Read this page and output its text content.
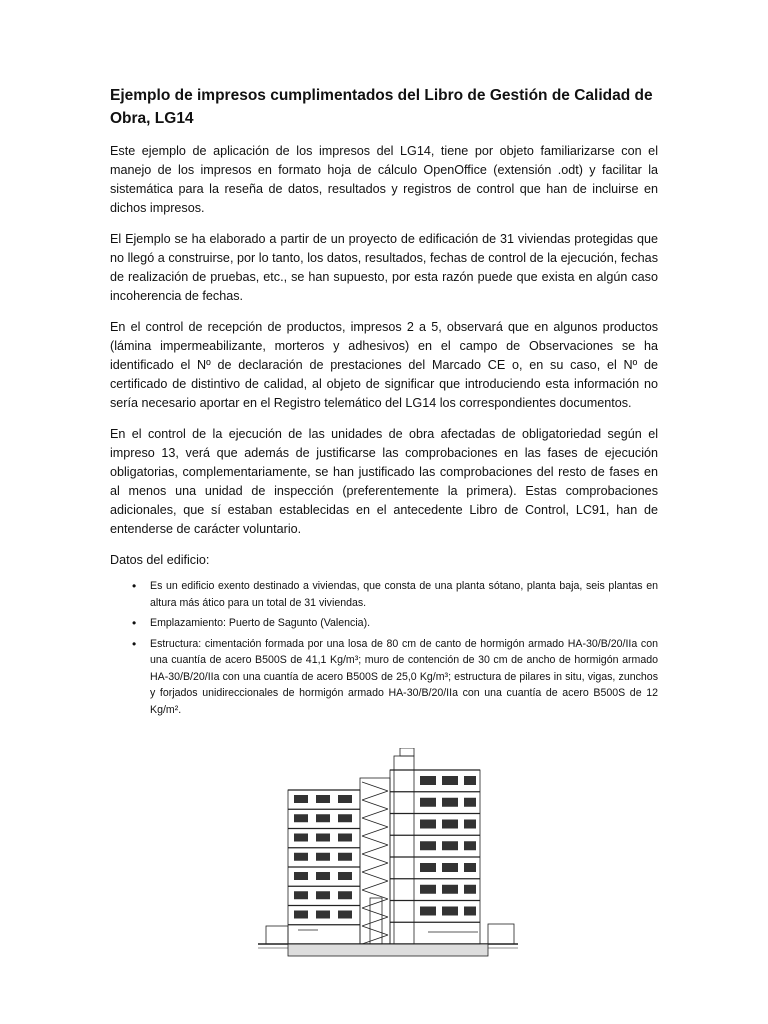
Ejemplo de impresos cumplimentados del Libro de Gestión de Calidad de Obra, LG14

Este ejemplo de aplicación de los impresos del LG14, tiene por objeto familiarizarse con el manejo de los impresos en formato hoja de cálculo OpenOffice (extensión .odt) y facilitar la sistemática para la reseña de datos, resultados y registros de control que han de incluirse en dichos impresos.

El Ejemplo se ha elaborado a partir de un proyecto de edificación de 31 viviendas protegidas que no llegó a construirse, por lo tanto, los datos, resultados, fechas de control de la ejecución, fechas de realización de pruebas, etc., se han supuesto, por esta razón puede que exista en algún caso incoherencia de fechas.

En el control de recepción de productos, impresos 2 a 5, observará que en algunos productos (lámina impermeabilizante, morteros y adhesivos) en el campo de Observaciones se ha identificado el Nº de declaración de prestaciones del Marcado CE o, en su caso, el Nº de certificado de distintivo de calidad, al objeto de significar que introduciendo esta información no sería necesario aportar en el Registro telemático del LG14 los correspondientes documentos.

En el control de la ejecución de las unidades de obra afectadas de obligatoriedad según el impreso 13, verá que además de justificarse las comprobaciones en las fases de ejecución obligatorias, complementariamente, se han justificado las comprobaciones del resto de fases en al menos una unidad de inspección (preferentemente la primera). Estas comprobaciones adicionales, que sí estaban establecidas en el antecedente Libro de Control, LC91, han de entenderse de carácter voluntario.

Datos del edificio:
• Es un edificio exento destinado a viviendas, que consta de una planta sótano, planta baja, seis plantas en altura más ático para un total de 31 viviendas.
• Emplazamiento: Puerto de Sagunto (Valencia).
• Estructura: cimentación formada por una losa de 80 cm de canto de hormigón armado HA-30/B/20/IIa con una cuantía de acero B500S de 41,1 Kg/m³; muro de contención de 30 cm de ancho de hormigón armado HA-30/B/20/IIa con una cuantía de acero B500S de 25,0 Kg/m³; estructura de pilares in situ, vigas, zunchos y forjados unidireccionales de hormigón armado HA-30/B/20/IIa con una cuantía de acero B500S de 12 Kg/m².
